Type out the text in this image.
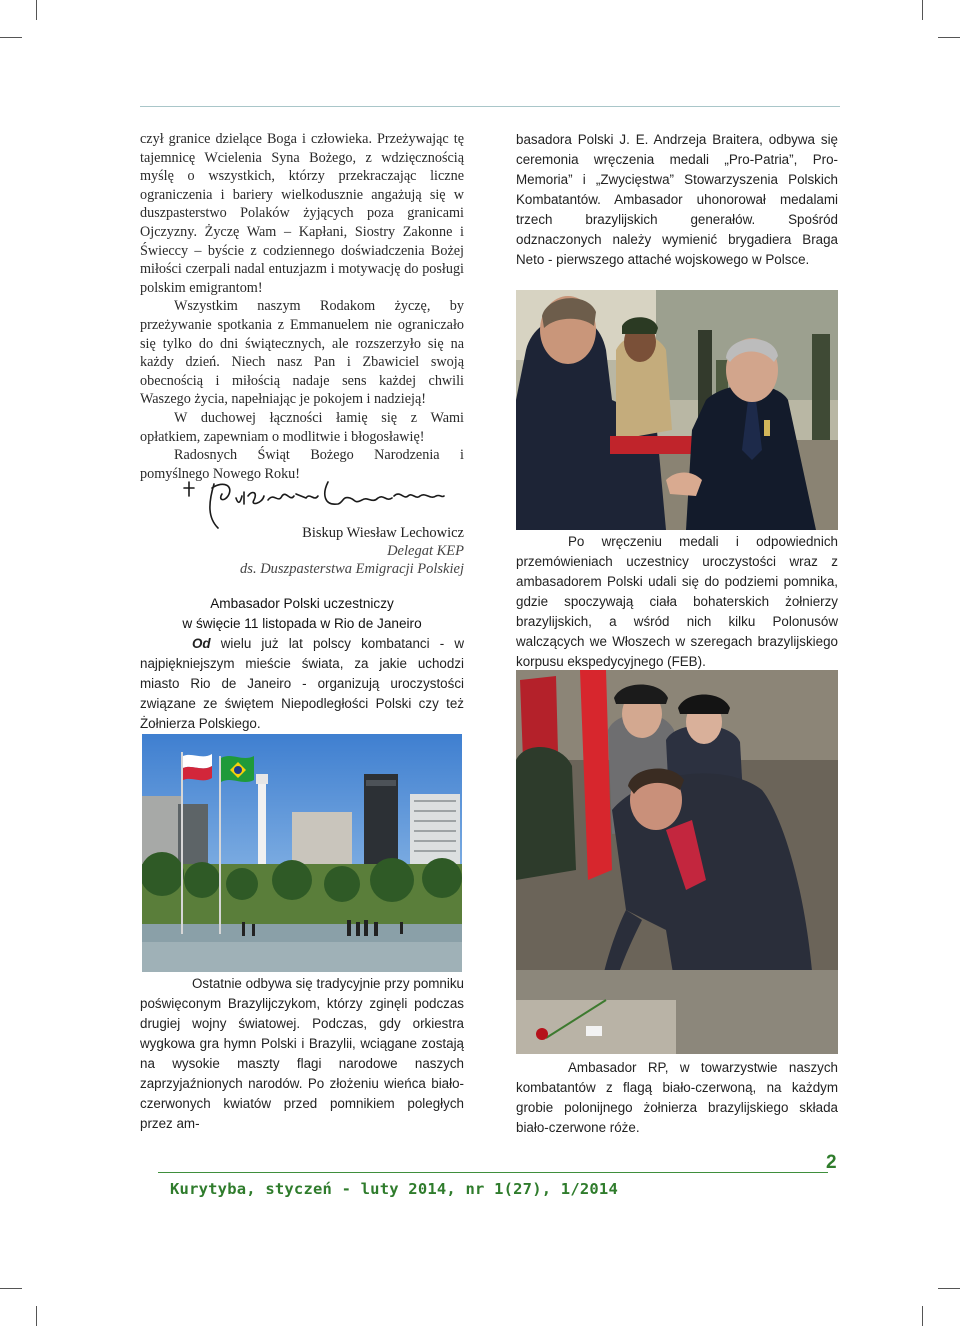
czył granice dzielące Boga i człowieka. Przeżywając tę tajemnicę Wcielenia Syna Bożego, z wdzięcznością myślę o wszystkich, którzy przekraczając liczne ograniczenia i bariery wielkodusznie angażują się w duszpasterstwo Polaków żyjących poza granicami Ojczyzny. Życzę Wam – Kapłani, Siostry Zakonne i Świeccy – byście z codziennego doświadczenia Bożej miłości czerpali nadal entuzjazm i motywację do posługi polskim emigrantom!

Wszystkim naszym Rodakom życzę, by przeżywanie spotkania z Emmanuelem nie ograniczało się tylko do dni świątecznych, ale rozszerzyło się na każdy dzień. Niech nasz Pan i Zbawiciel swoją obecnością i miłością nadaje sens każdej chwili Waszego życia, napełniając je pokojem i nadzieją!

W duchowej łączności łamię się z Wami opłatkiem, zapewniam o modlitwie i błogosławię!

Radosnych Świąt Bożego Narodzenia i pomyślnego Nowego Roku!

Biskup Wiesław Lechowicz
Delegat KEP
ds. Duszpasterstwa Emigracji Polskiej
Ambasador Polski uczestniczy
w święcie 11 listopada w Rio de Janeiro

Od wielu już lat polscy kombatanci - w najpiękniejszym mieście świata, za jakie uchodzi miasto Rio de Janeiro - organizują uroczystości związane ze świętem Niepodległości Polski czy też Żołnierza Polskiego.

Ostatnie odbywa się tradycyjnie przy pomniku poświęconym Brazylijczykom, którzy zginęli podczas drugiej wojny światowej. Podczas, gdy orkiestra wygkowa gra hymn Polski i Brazylii, wciągane zostają na wysokie maszty flagi narodowe naszych zaprzyjaźnionych narodów. Po złożeniu wieńca biało-czerwonych kwiatów przed pomnikiem poległych przez am-

basadora Polski J. E. Andrzeja Braitera, odbywa się ceremonia wręczenia medali „Pro-Patria”, Pro-Memoria” i „Zwycięstwa” Stowarzyszenia Polskich Kombatantów. Ambasador uhonorował medalami trzech brazylijskich generałów. Spośród odznaczonych należy wymienić brygadiera Braga Neto - pierwszego attaché wojskowego w Polsce.

Po wręczeniu medali i odpowiednich przemówieniach uczestnicy uroczystości wraz z ambasadorem Polski udali się do podziemi pomnika, gdzie spoczywają ciała bohaterskich żołnierzy brazylijskich, a wśród nich kilku Polonusów walczących we Włoszech w szeregach brazylijskiego korpusu ekspedycyjnego (FEB).

Ambasador RP, w towarzystwie naszych kombatantów z flagą biało-czerwoną, na każdym grobie polonijnego żołnierza brazylijskiego składa biało-czerwone róże.

2
Kurytyba, styczeń - luty 2014, nr 1(27), 1/2014
